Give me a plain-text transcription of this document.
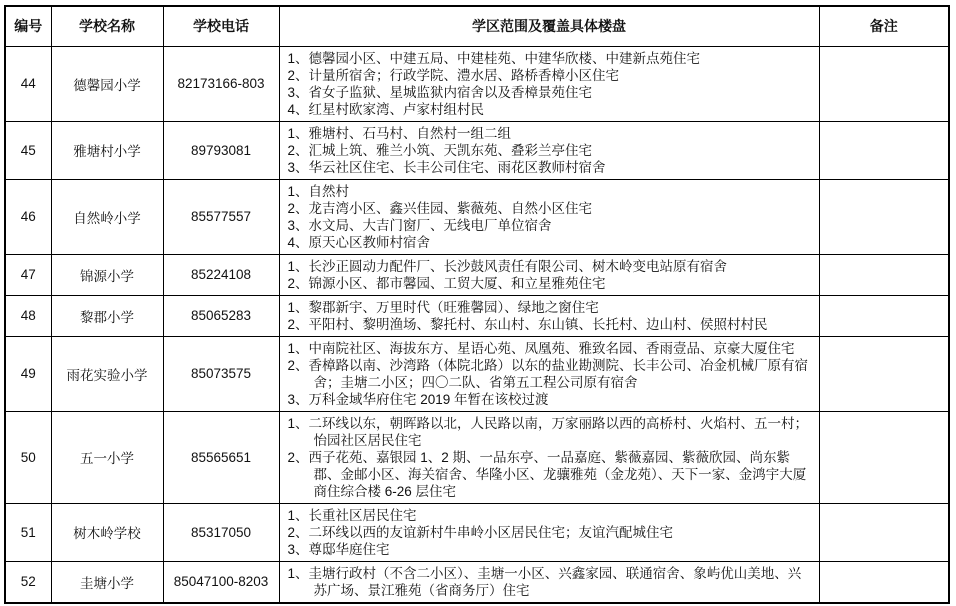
编号	学校名称	学校电话	学区范围及覆盖具体楼盘	备注
44	德馨园小学	82173166-803	1、德馨园小区、中建五局、中建桂苑、中建华欣楼、中建新点苑住宅
2、计量所宿舍；行政学院、澧水居、路桥香樟小区住宅
3、省女子监狱、星城监狱内宿舍以及香樟景苑住宅
4、红星村欧家湾、卢家村组村民	

45	雅塘村小学	89793081	1、雅塘村、石马村、自然村一组二组
2、汇城上筑、雅兰小筑、天凯东苑、叠彩兰亭住宅
3、华云社区住宅、长丰公司住宅、雨花区教师村宿舍	

46	自然岭小学	85577557	1、自然村
2、龙吉湾小区、鑫兴佳园、紫薇苑、自然小区住宅
3、水文局、大吉门窗厂、无线电厂单位宿舍
4、原天心区教师村宿舍	

47	锦源小学	85224108	1、长沙正圆动力配件厂、长沙鼓风责任有限公司、树木岭变电站原有宿舍
2、锦源小区、都市馨园、工贸大厦、和立星雅苑住宅	

48	黎郡小学	85065283	1、黎郡新宇、万里时代（旺雅馨园）、绿地之窗住宅
2、平阳村、黎明渔场、黎托村、东山村、东山镇、长托村、边山村、侯照村村民	

49	雨花实验小学	85073575	1、中南院社区、海拔东方、星语心苑、凤凰苑、雅致名园、香雨壹品、京豪大厦住宅
2、香樟路以南、沙湾路（体院北路）以东的盐业勘测院、长丰公司、冶金机械厂原有宿舍；圭塘二小区；四〇二队、省第五工程公司原有宿舍
3、万科金域华府住宅 2019 年暂在该校过渡	

50	五一小学	85565651	1、二环线以东，朝晖路以北，人民路以南，万家丽路以西的高桥村、火焰村、五一村；怡园社区居民住宅
2、西子花苑、嘉银园 1、2 期、一品东亭、一品嘉庭、紫薇嘉园、紫薇欣园、尚东紫郡、金邮小区、海关宿舍、华隆小区、龙骧雅苑（金龙苑）、天下一家、金鸿宇大厦商住综合楼 6-26 层住宅	

51	树木岭学校	85317050	1、长重社区居民住宅
2、二环线以西的友谊新村牛串岭小区居民住宅；友谊汽配城住宅
3、尊邸华庭住宅	

52	圭塘小学	85047100-8203	1、圭塘行政村（不含二小区）、圭塘一小区、兴鑫家园、联通宿舍、象屿优山美地、兴苏广场、景江雅苑（省商务厅）住宅	
